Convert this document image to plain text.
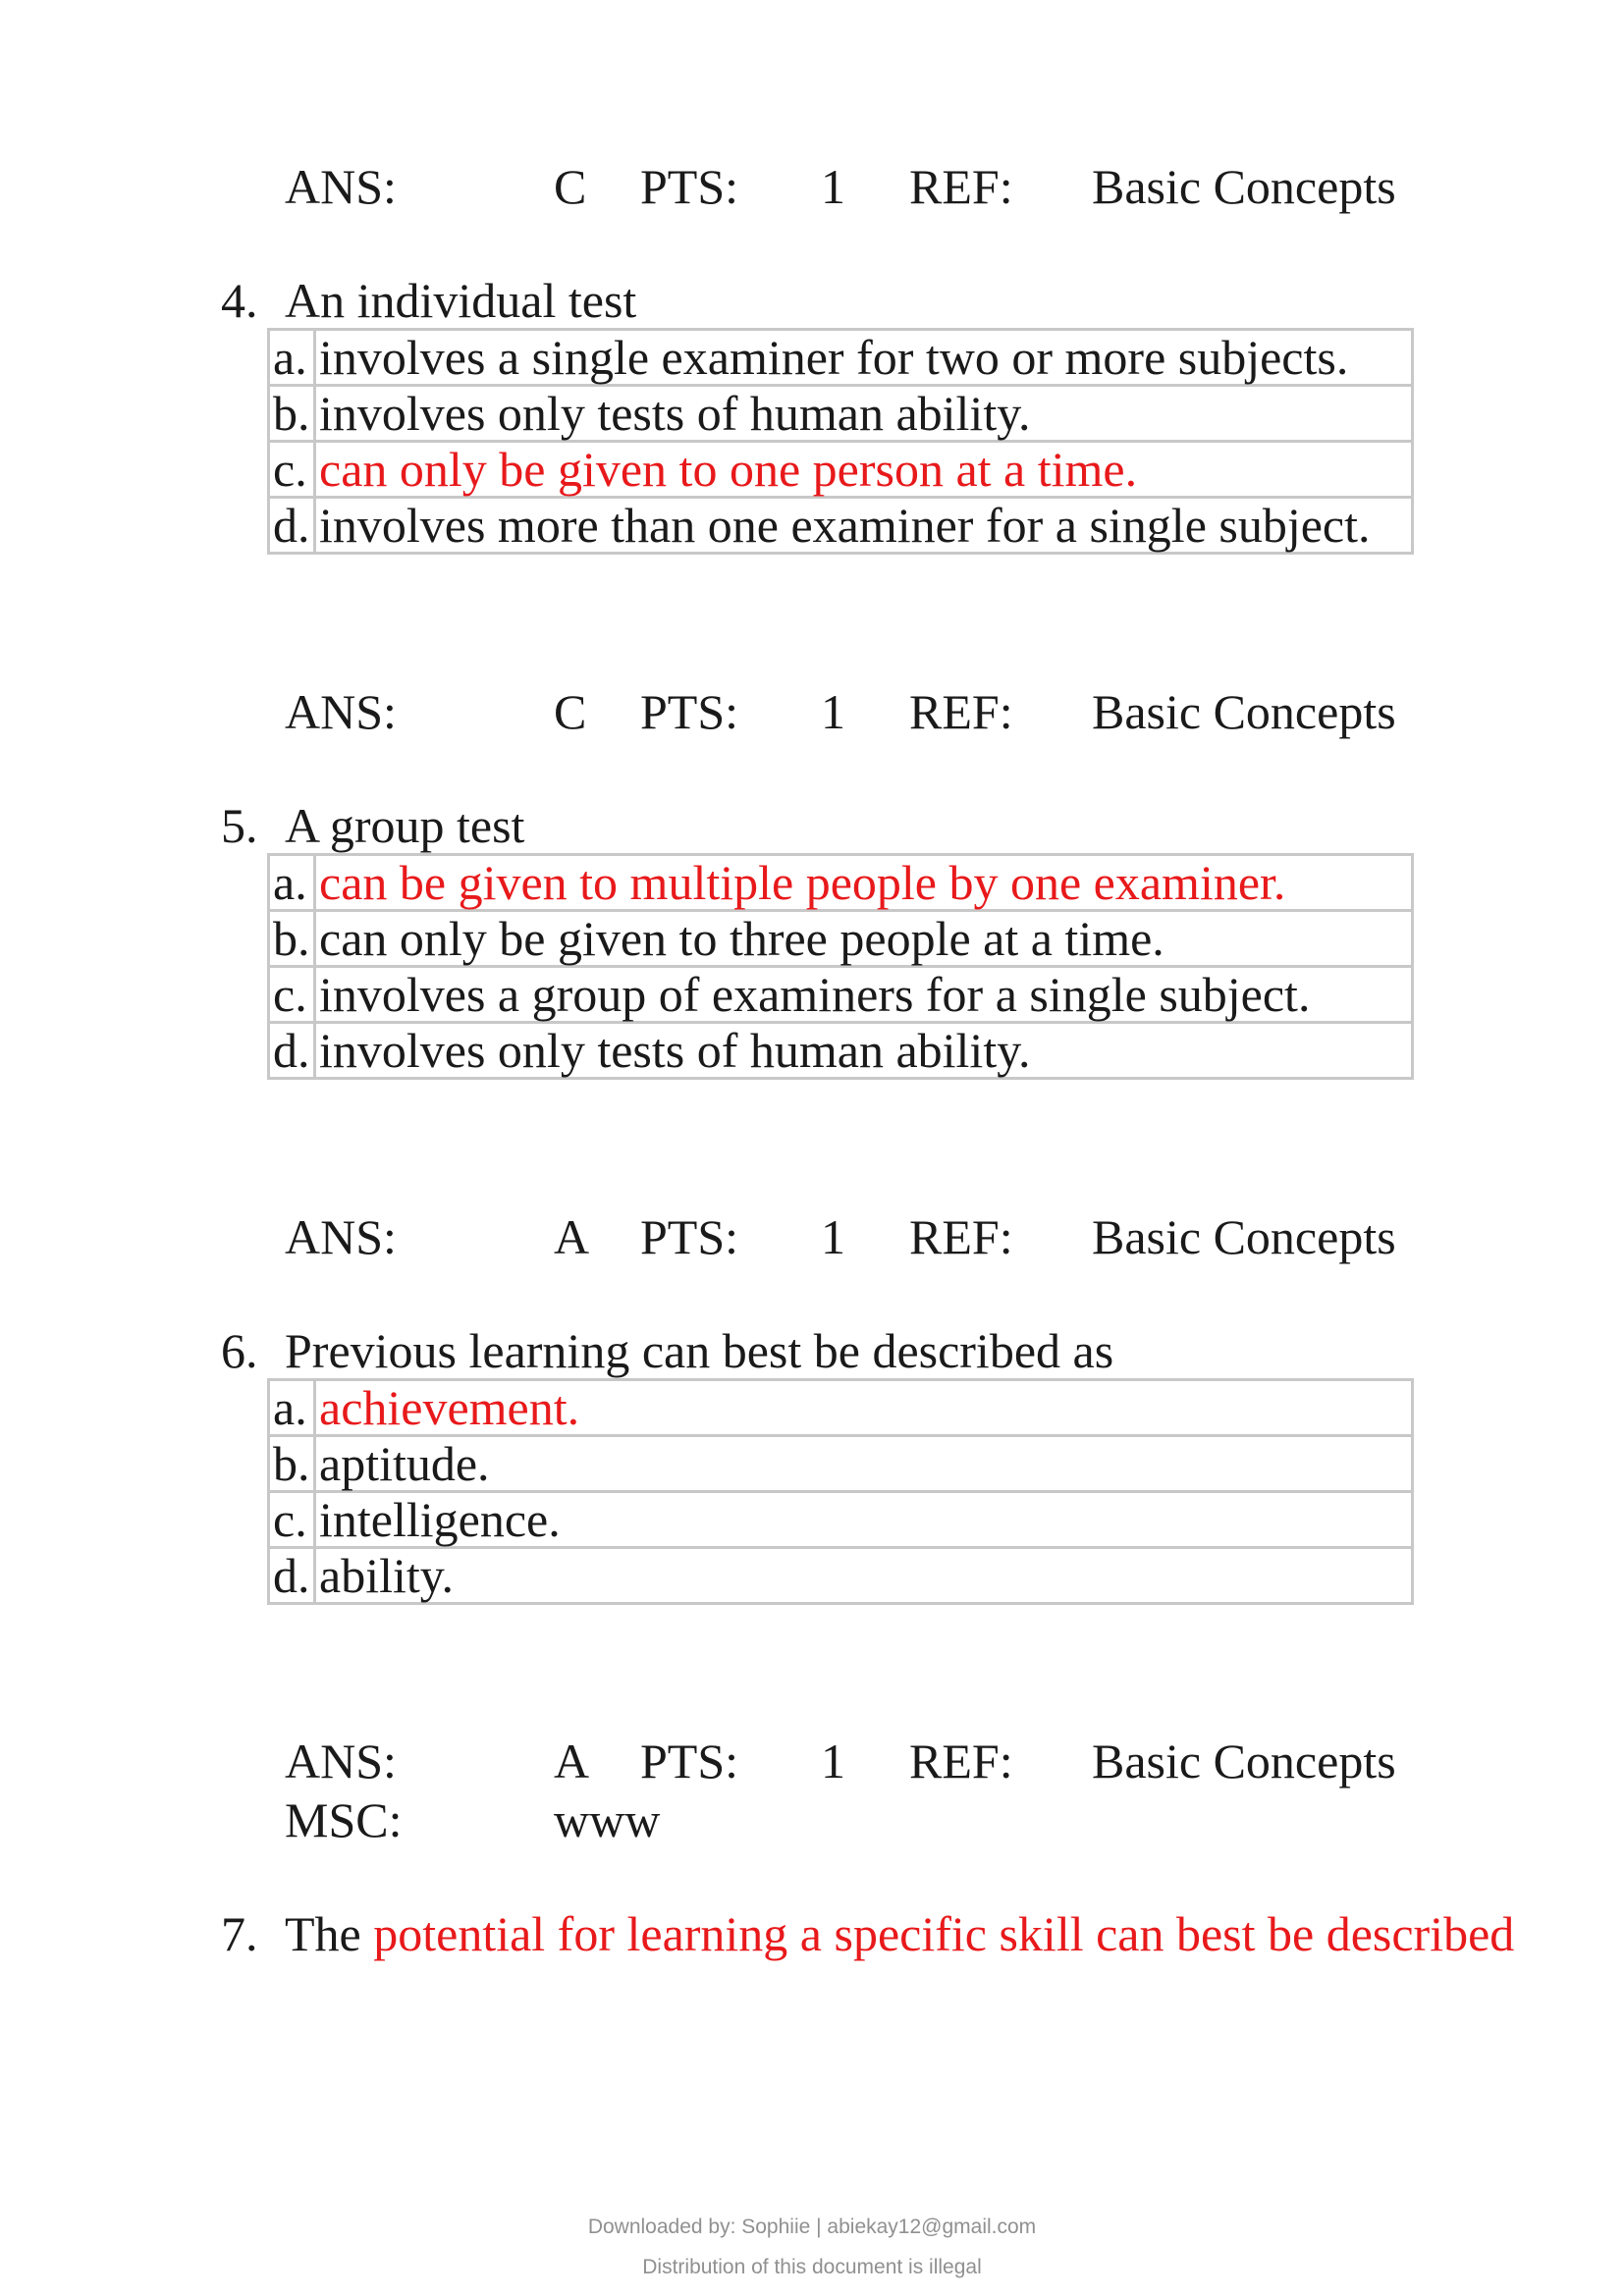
ANS:	C PTS: 1 REF: Basic Concepts
4. An individual test
a.	involves a single examiner for two or more subjects.
b.	involves only tests of human ability.
c.	can only be given to one person at a time.
d.	involves more than one examiner for a single subject.
ANS:	C PTS: 1 REF: Basic Concepts
5. A group test
a.	can be given to multiple people by one examiner.
b.	can only be given to three people at a time.
c.	involves a group of examiners for a single subject.
d.	involves only tests of human ability.
ANS:	A PTS: 1 REF: Basic Concepts
6. Previous learning can best be described as
a.	achievement.
b.	aptitude.
c.	intelligence.
d.	ability.
ANS:	A PTS: 1 REF: Basic Concepts
MSC:	www
7. The potential for learning a specific skill can best be described
Downloaded by: Sophiie | abiekay12@gmail.com
Distribution of this document is illegal
